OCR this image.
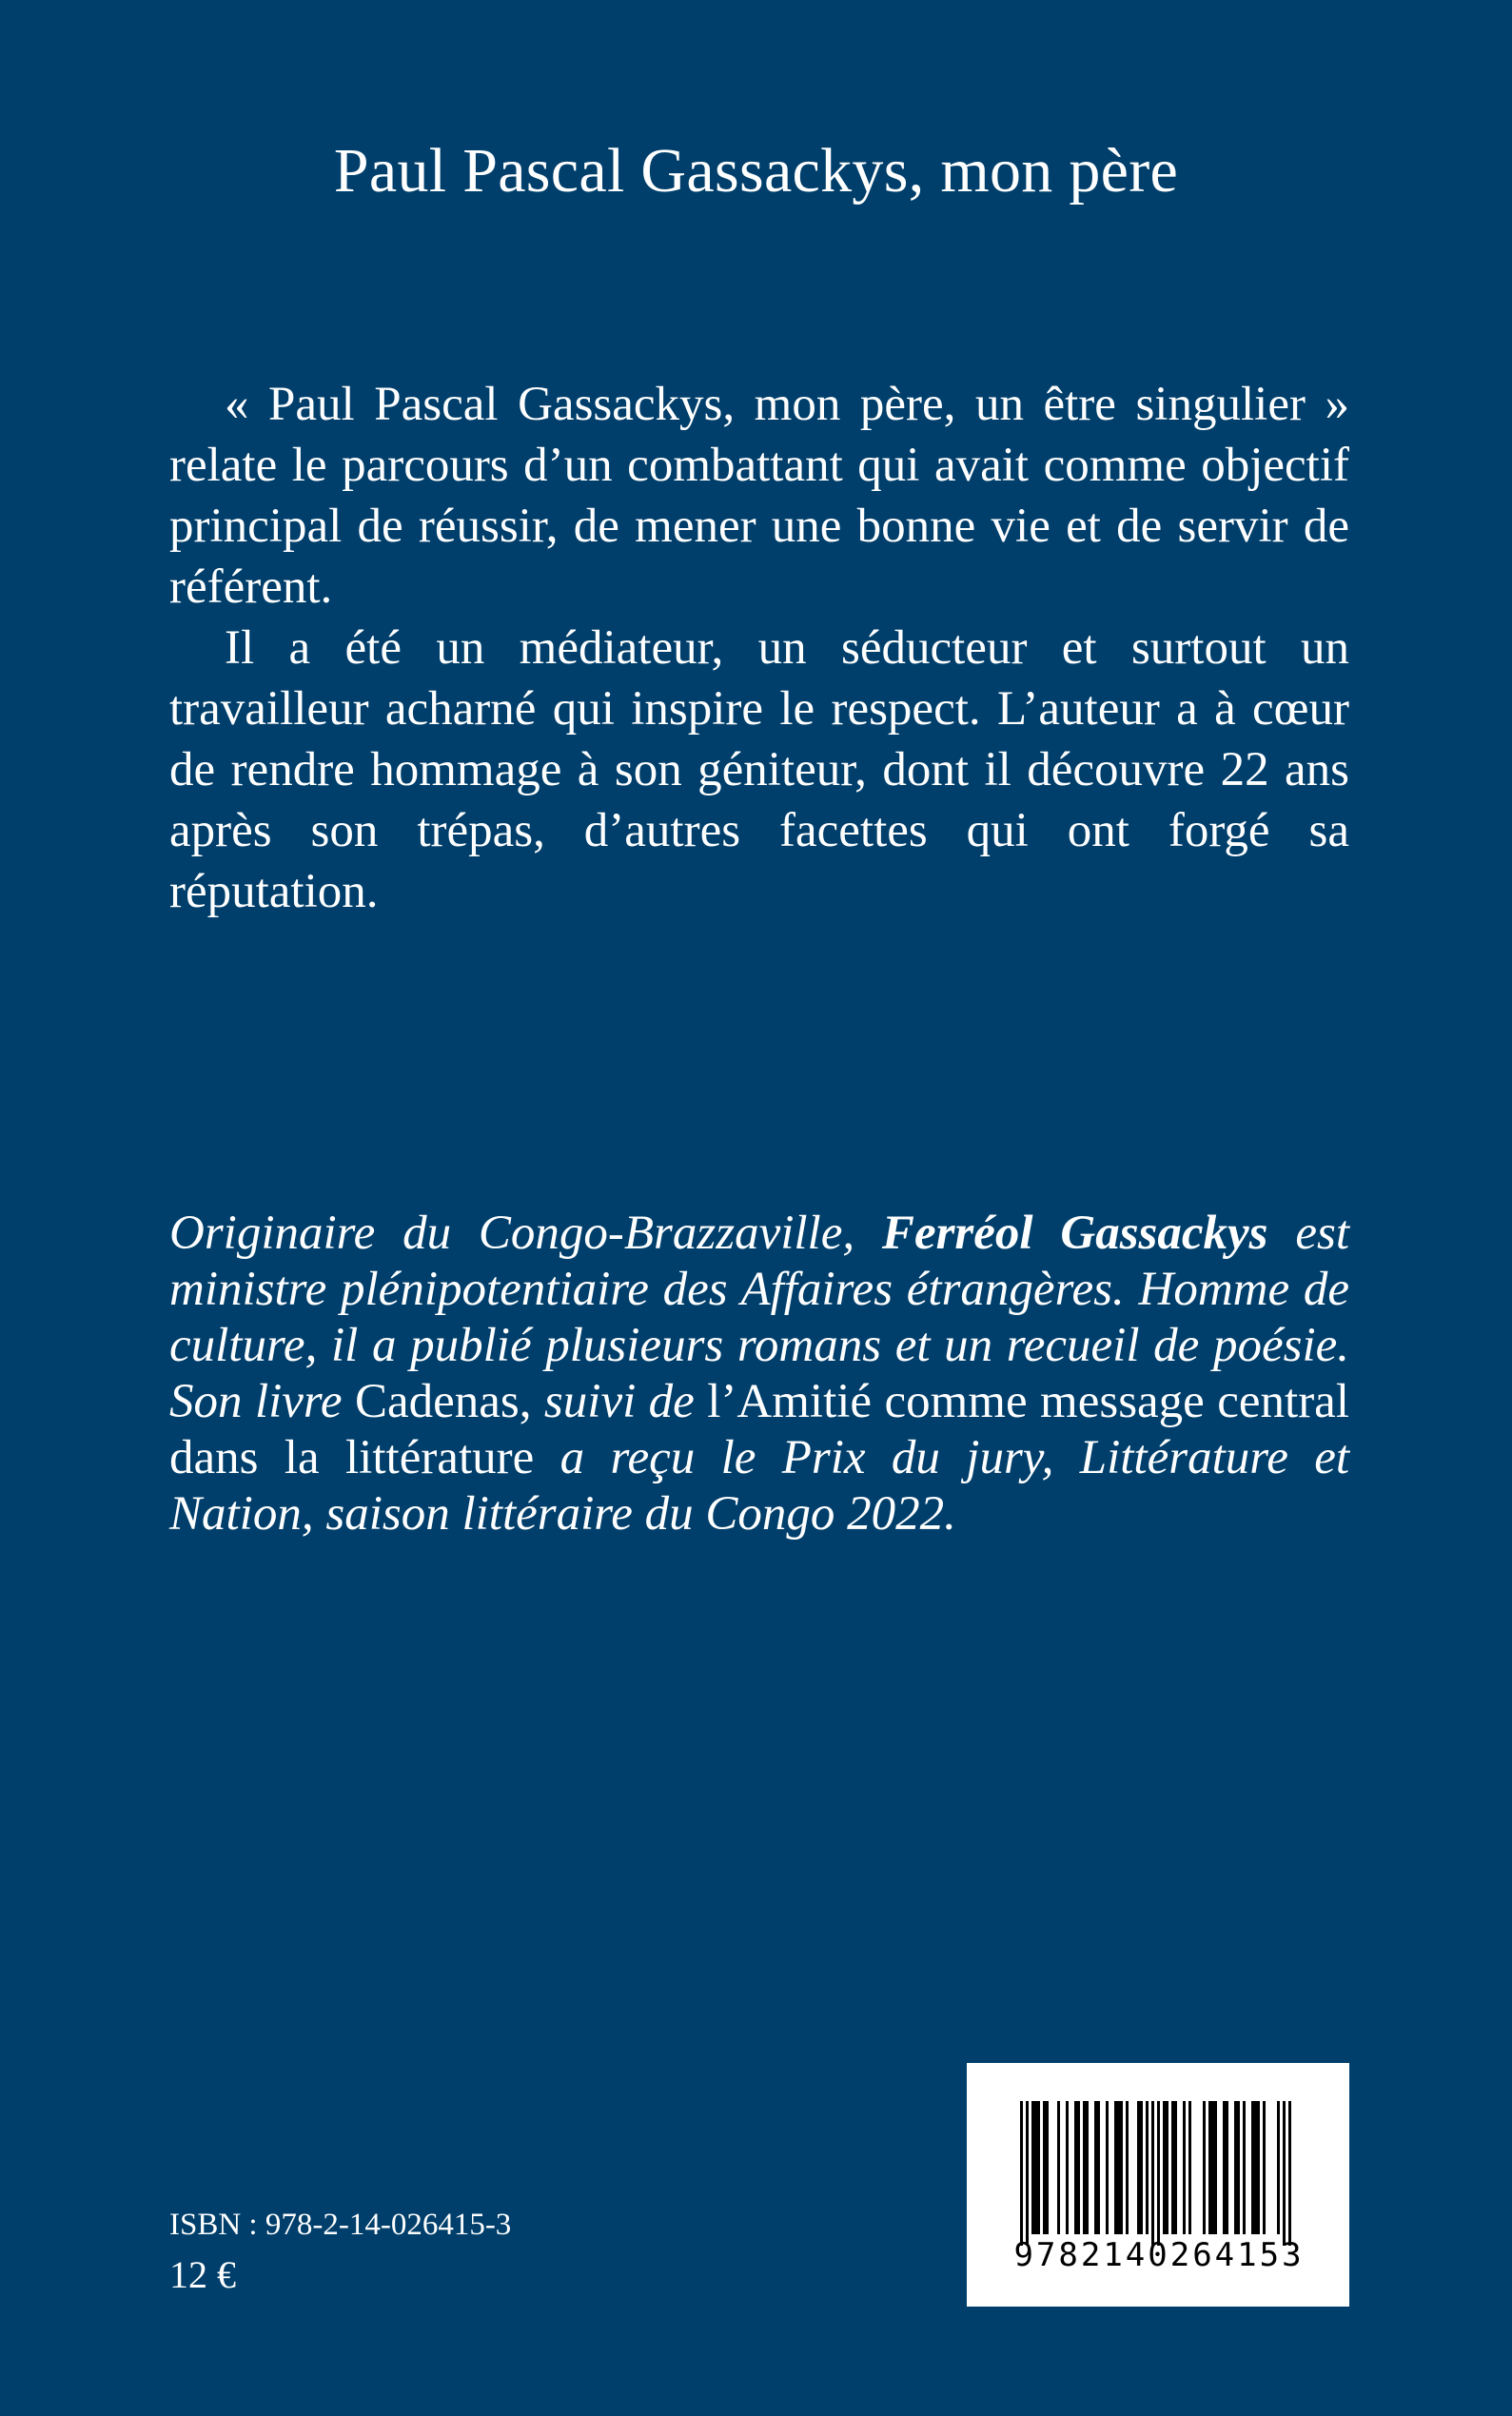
Paul Pascal Gassackys, mon père

« Paul Pascal Gassackys, mon père, un être singulier » relate le parcours d’un combattant qui avait comme objectif principal de réussir, de mener une bonne vie et de servir de référent.

Il a été un médiateur, un séducteur et surtout un travailleur acharné qui inspire le respect. L’auteur a à cœur de rendre hommage à son géniteur, dont il découvre 22 ans après son trépas, d’autres facettes qui ont forgé sa réputation.

Originaire du Congo-Brazzaville, Ferréol Gassackys est ministre plénipotentiaire des Affaires étrangères. Homme de culture, il a publié plusieurs romans et un recueil de poésie. Son livre Cadenas, suivi de l’Amitié comme message central dans la littérature a reçu le Prix du jury, Littérature et Nation, saison littéraire du Congo 2022.

ISBN : 978-2-14-026415-3
12 €	9782140264153
